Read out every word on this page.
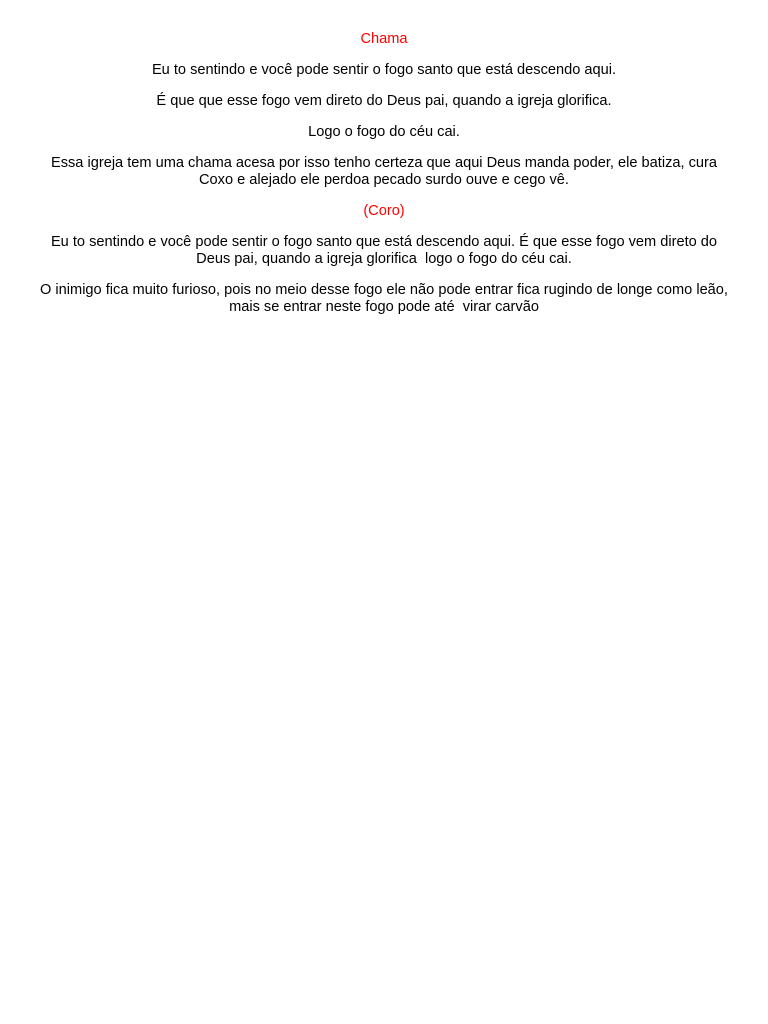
Chama

Eu to sentindo e você pode sentir o fogo santo que está descendo aqui.

É que que esse fogo vem direto do Deus pai, quando a igreja glorifica.

Logo o fogo do céu cai.

Essa igreja tem uma chama acesa por isso tenho certeza que aqui Deus manda poder, ele batiza, cura Coxo e alejado ele perdoa pecado surdo ouve e cego vê.

(Coro)

Eu to sentindo e você pode sentir o fogo santo que está descendo aqui. É que esse fogo vem direto do Deus pai, quando a igreja glorifica  logo o fogo do céu cai.

O inimigo fica muito furioso, pois no meio desse fogo ele não pode entrar fica rugindo de longe como leão, mais se entrar neste fogo pode até  virar carvão
